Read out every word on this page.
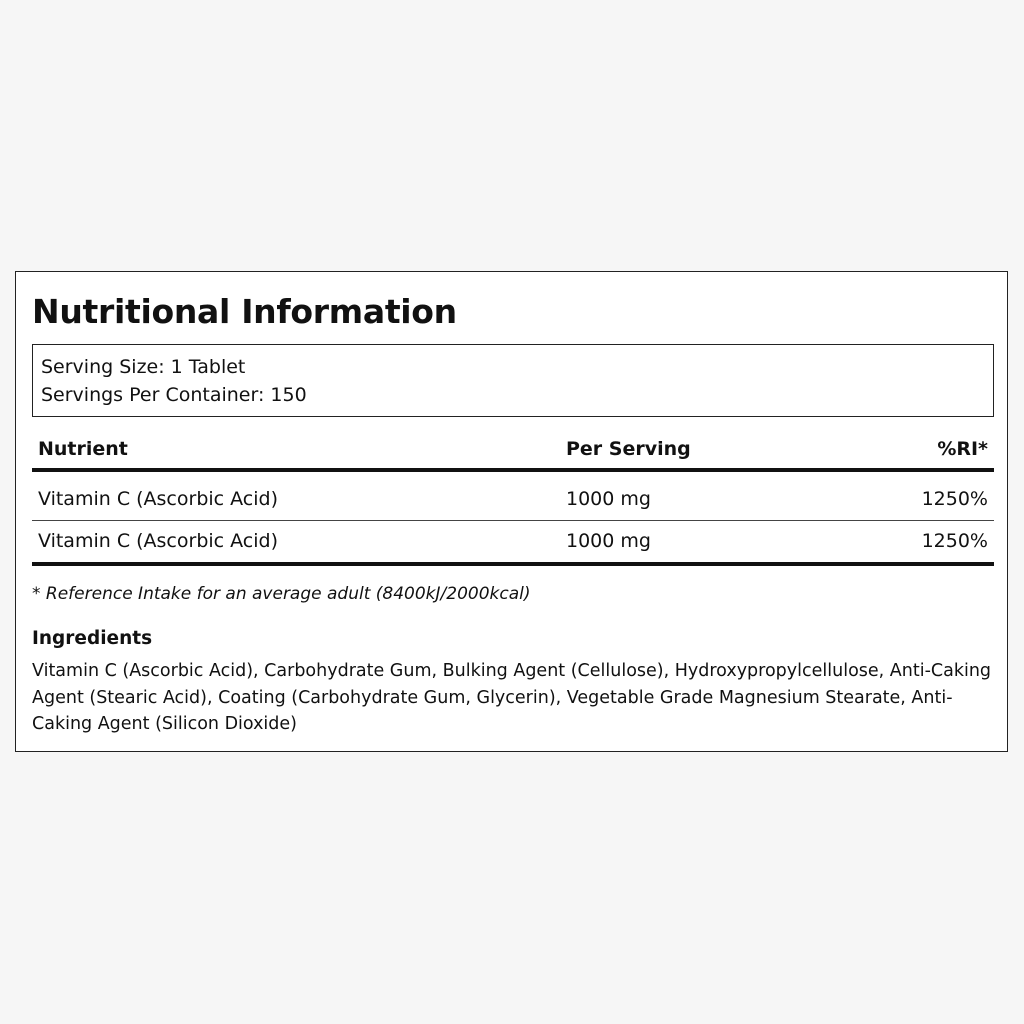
Nutritional Information
Serving Size: 1 Tablet
Servings Per Container: 150
Nutrient	Per Serving	%RI*
Vitamin C (Ascorbic Acid)	1000 mg	1250%
Vitamin C (Ascorbic Acid)	1000 mg	1250%
* Reference Intake for an average adult (8400kJ/2000kcal)
Ingredients
Vitamin C (Ascorbic Acid), Carbohydrate Gum, Bulking Agent (Cellulose), Hydroxypropylcellulose, Anti-Caking Agent (Stearic Acid), Coating (Carbohydrate Gum, Glycerin), Vegetable Grade Magnesium Stearate, Anti-Caking Agent (Silicon Dioxide)
